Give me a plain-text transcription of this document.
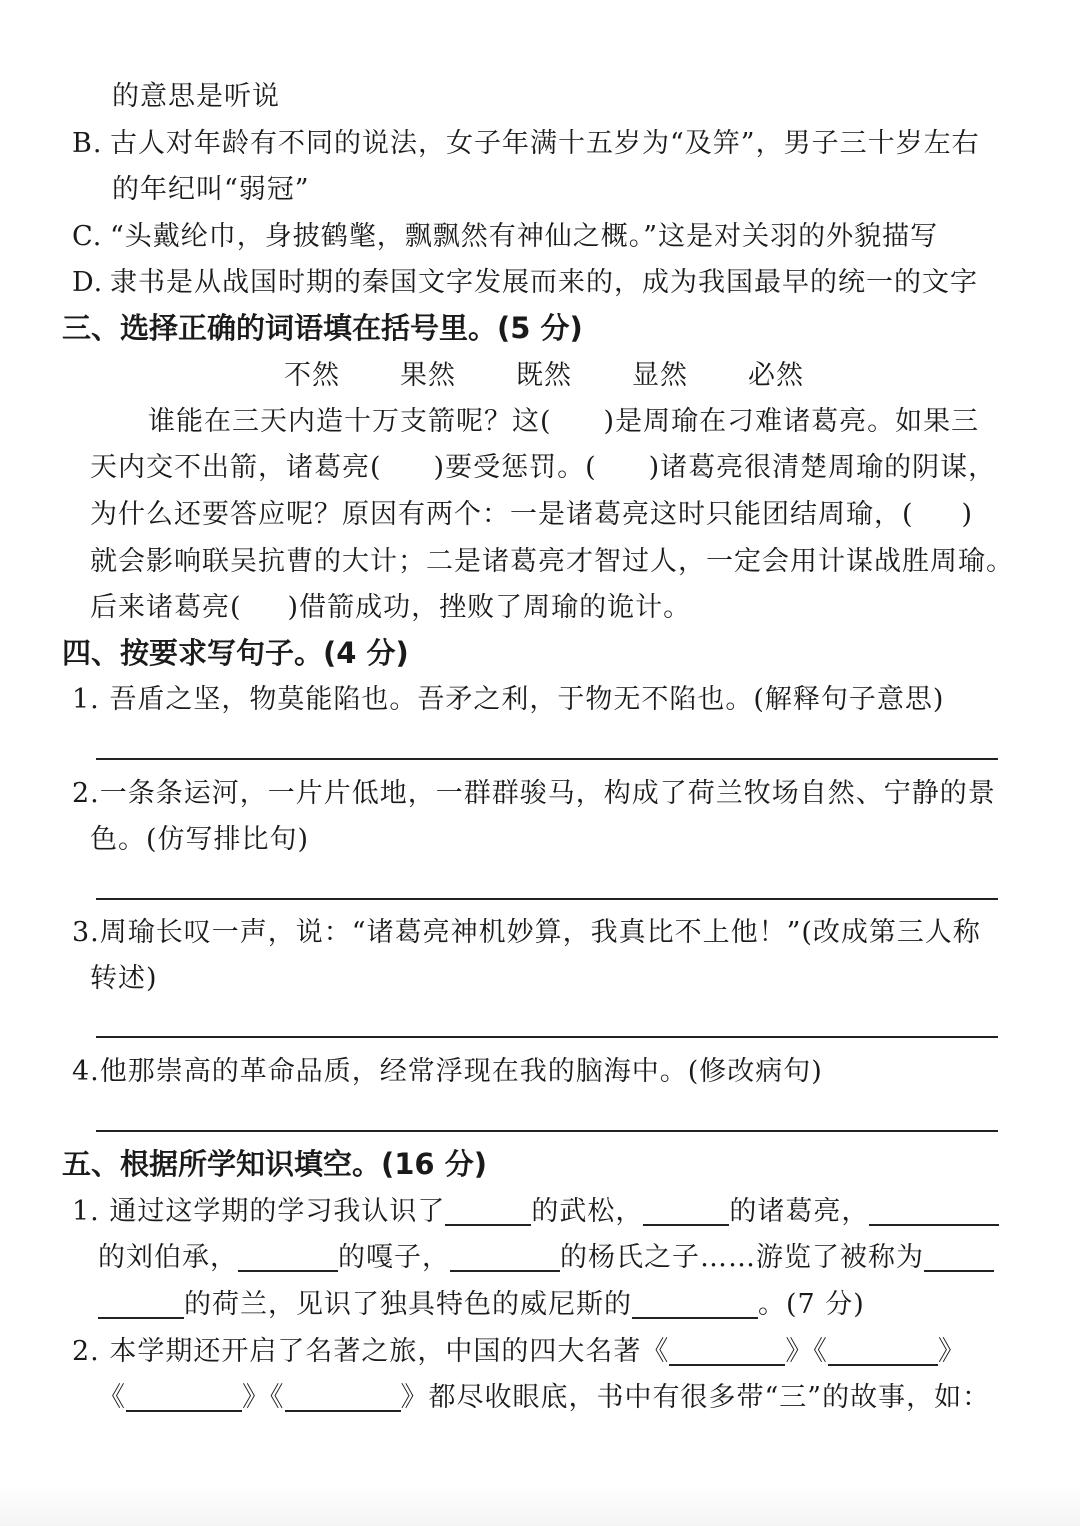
的意思是听说

B. 古人对年龄有不同的说法，女子年满十五岁为“及笄”，男子三十岁左右

的年纪叫“弱冠”

C. “头戴纶巾，身披鹤氅，飘飘然有神仙之概。”这是对关羽的外貌描写

D. 隶书是从战国时期的秦国文字发展而来的，成为我国最早的统一的文字

三、选择正确的词语填在括号里。(5 分)

不然 果然 既然 显然 必然

谁能在三天内造十万支箭呢？这( )是周瑜在刁难诸葛亮。如果三

天内交不出箭，诸葛亮( )要受惩罚。( )诸葛亮很清楚周瑜的阴谋，

为什么还要答应呢？原因有两个：一是诸葛亮这时只能团结周瑜，( )

就会影响联吴抗曹的大计；二是诸葛亮才智过人，一定会用计谋战胜周瑜。

后来诸葛亮( )借箭成功，挫败了周瑜的诡计。

四、按要求写句子。(4 分)

1. 吾盾之坚，物莫能陷也。吾矛之利，于物无不陷也。(解释句子意思)

2.一条条运河，一片片低地，一群群骏马，构成了荷兰牧场自然、宁静的景

色。(仿写排比句)

3.周瑜长叹一声，说：“诸葛亮神机妙算，我真比不上他！”(改成第三人称

转述)

4.他那崇高的革命品质，经常浮现在我的脑海中。(修改病句)

五、根据所学知识填空。(16 分)

1. 通过这学期的学习我认识了	的武松，	的诸葛亮，

的刘伯承，	的嘎子，	的杨氏之子……游览了被称为

的荷兰，见识了独具特色的威尼斯的	。(7 分)

2. 本学期还开启了名著之旅，中国的四大名著《	》《	》

《	》《	》都尽收眼底，书中有很多带“三”的故事，如：
